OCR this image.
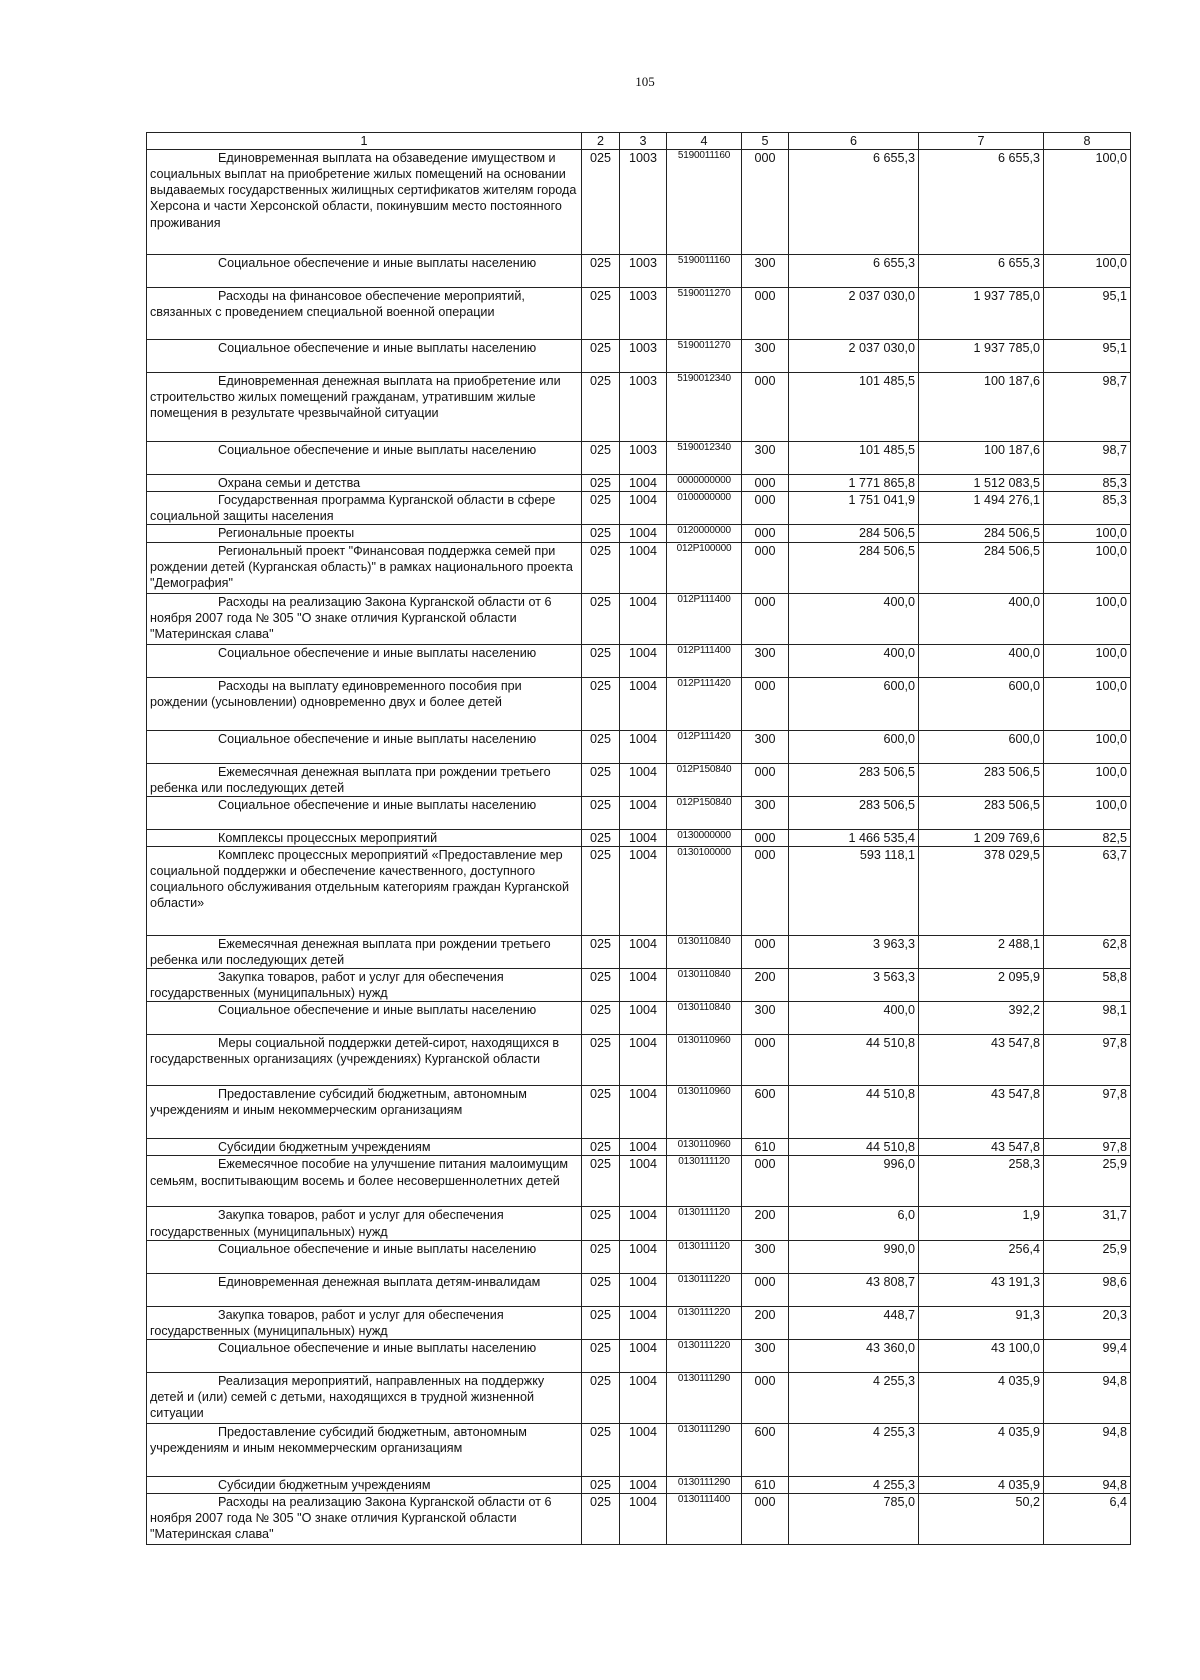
105
1	2	3	4	5	6	7	8

Единовременная выплата на обзаведение имуществом и социальных выплат на приобретение жилых помещений на основании выдаваемых государственных жилищных сертификатов жителям города Херсона и части Херсонской области, покинувшим место постоянного проживания	025	1003	5190011160	000	6 655,3	6 655,3	100,0

Социальное обеспечение и иные выплаты населению	025	1003	5190011160	300	6 655,3	6 655,3	100,0

Расходы на финансовое обеспечение мероприятий, связанных с проведением специальной военной операции	025	1003	5190011270	000	2 037 030,0	1 937 785,0	95,1

Социальное обеспечение и иные выплаты населению	025	1003	5190011270	300	2 037 030,0	1 937 785,0	95,1

Единовременная денежная выплата на приобретение или строительство жилых помещений гражданам, утратившим жилые помещения в результате чрезвычайной ситуации	025	1003	5190012340	000	101 485,5	100 187,6	98,7

Социальное обеспечение и иные выплаты населению	025	1003	5190012340	300	101 485,5	100 187,6	98,7

Охрана семьи и детства	025	1004	0000000000	000	1 771 865,8	1 512 083,5	85,3

Государственная программа Курганской области в сфере социальной защиты населения	025	1004	0100000000	000	1 751 041,9	1 494 276,1	85,3

Региональные проекты	025	1004	0120000000	000	284 506,5	284 506,5	100,0

Региональный проект "Финансовая поддержка семей при рождении детей (Курганская область)" в рамках национального проекта "Демография"	025	1004	012P100000	000	284 506,5	284 506,5	100,0

Расходы на реализацию Закона Курганской области от 6 ноября 2007 года № 305 "О знаке отличия Курганской области "Материнская слава"	025	1004	012P111400	000	400,0	400,0	100,0

Социальное обеспечение и иные выплаты населению	025	1004	012P111400	300	400,0	400,0	100,0

Расходы на выплату единовременного пособия при рождении (усыновлении) одновременно двух и более детей	025	1004	012P111420	000	600,0	600,0	100,0

Социальное обеспечение и иные выплаты населению	025	1004	012P111420	300	600,0	600,0	100,0

Ежемесячная денежная выплата при рождении третьего ребенка или последующих детей	025	1004	012P150840	000	283 506,5	283 506,5	100,0

Социальное обеспечение и иные выплаты населению	025	1004	012P150840	300	283 506,5	283 506,5	100,0

Комплексы процессных мероприятий	025	1004	0130000000	000	1 466 535,4	1 209 769,6	82,5

Комплекс процессных мероприятий «Предоставление мер социальной поддержки и обеспечение качественного, доступного социального обслуживания отдельным категориям граждан Курганской области»	025	1004	0130100000	000	593 118,1	378 029,5	63,7

Ежемесячная денежная выплата при рождении третьего ребенка или последующих детей	025	1004	0130110840	000	3 963,3	2 488,1	62,8

Закупка товаров, работ и услуг для обеспечения государственных (муниципальных) нужд	025	1004	0130110840	200	3 563,3	2 095,9	58,8

Социальное обеспечение и иные выплаты населению	025	1004	0130110840	300	400,0	392,2	98,1

Меры социальной поддержки детей-сирот, находящихся в государственных организациях (учреждениях) Курганской области	025	1004	0130110960	000	44 510,8	43 547,8	97,8

Предоставление субсидий бюджетным, автономным учреждениям и иным некоммерческим организациям	025	1004	0130110960	600	44 510,8	43 547,8	97,8

Субсидии бюджетным учреждениям	025	1004	0130110960	610	44 510,8	43 547,8	97,8

Ежемесячное пособие на улучшение питания малоимущим семьям, воспитывающим восемь и более несовершеннолетних детей	025	1004	0130111120	000	996,0	258,3	25,9

Закупка товаров, работ и услуг для обеспечения государственных (муниципальных) нужд	025	1004	0130111120	200	6,0	1,9	31,7

Социальное обеспечение и иные выплаты населению	025	1004	0130111120	300	990,0	256,4	25,9

Единовременная денежная выплата детям-инвалидам	025	1004	0130111220	000	43 808,7	43 191,3	98,6

Закупка товаров, работ и услуг для обеспечения государственных (муниципальных) нужд	025	1004	0130111220	200	448,7	91,3	20,3

Социальное обеспечение и иные выплаты населению	025	1004	0130111220	300	43 360,0	43 100,0	99,4

Реализация мероприятий, направленных на поддержку детей и (или) семей с детьми, находящихся в трудной жизненной ситуации	025	1004	0130111290	000	4 255,3	4 035,9	94,8

Предоставление субсидий бюджетным, автономным учреждениям и иным некоммерческим организациям	025	1004	0130111290	600	4 255,3	4 035,9	94,8

Субсидии бюджетным учреждениям	025	1004	0130111290	610	4 255,3	4 035,9	94,8

Расходы на реализацию Закона Курганской области от 6 ноября 2007 года № 305 "О знаке отличия Курганской области "Материнская слава"	025	1004	0130111400	000	785,0	50,2	6,4
